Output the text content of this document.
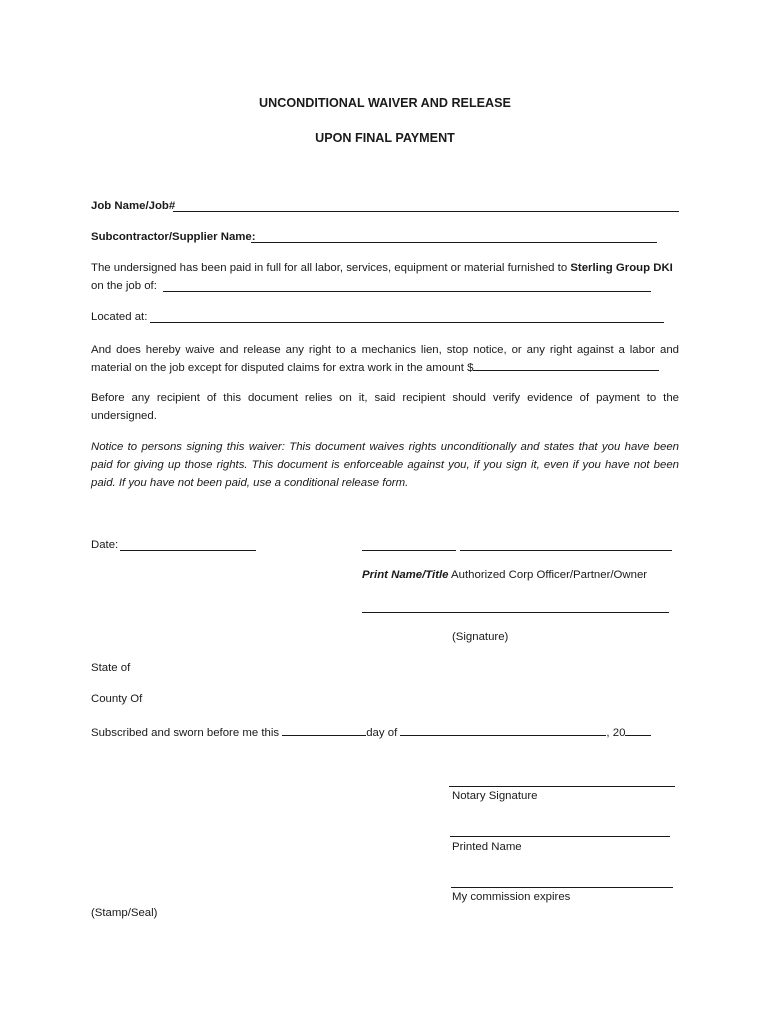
UNCONDITIONAL WAIVER AND RELEASE
UPON FINAL PAYMENT
Job Name/Job#
Subcontractor/Supplier Name:
The undersigned has been paid in full for all labor, services, equipment or material furnished to Sterling Group DKI
on the job of:
Located at:
And does hereby waive and release any right to a mechanics lien, stop notice, or any right against a labor and material on the job except for disputed claims for extra work in the amount $
Before any recipient of this document relies on it, said recipient should verify evidence of payment to the undersigned.
Notice to persons signing this waiver: This document waives rights unconditionally and states that you have been paid for giving up those rights. This document is enforceable against you, if you sign it, even if you have not been paid. If you have not been paid, use a conditional release form.
Date:
Print Name/Title Authorized Corp Officer/Partner/Owner
(Signature)
State of
County Of
Subscribed and sworn before me this	day of	, 20
Notary Signature
Printed Name
My commission expires
(Stamp/Seal)
